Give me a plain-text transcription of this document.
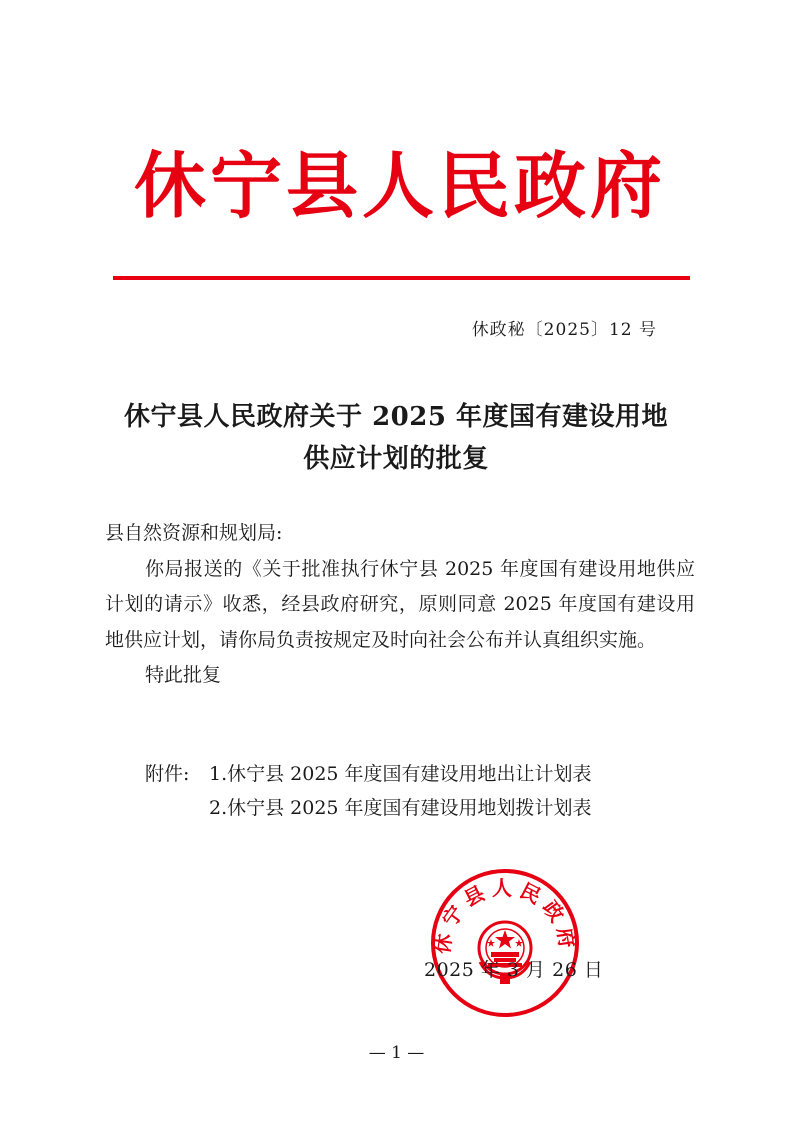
休宁县人民政府
休政秘〔2025〕12 号
休宁县人民政府关于 2025 年度国有建设用地
供应计划的批复

县自然资源和规划局:

你局报送的《关于批准执行休宁县 2025 年度国有建设用地供应计划的请示》收悉，经县政府研究，原则同意 2025 年度国有建设用地供应计划，请你局负责按规定及时向社会公布并认真组织实施。

特此批复

附件: 1.休宁县 2025 年度国有建设用地出让计划表
2.休宁县 2025 年度国有建设用地划拨计划表
休宁县人民政府
2025 年 3 月 26 日
— 1 —
